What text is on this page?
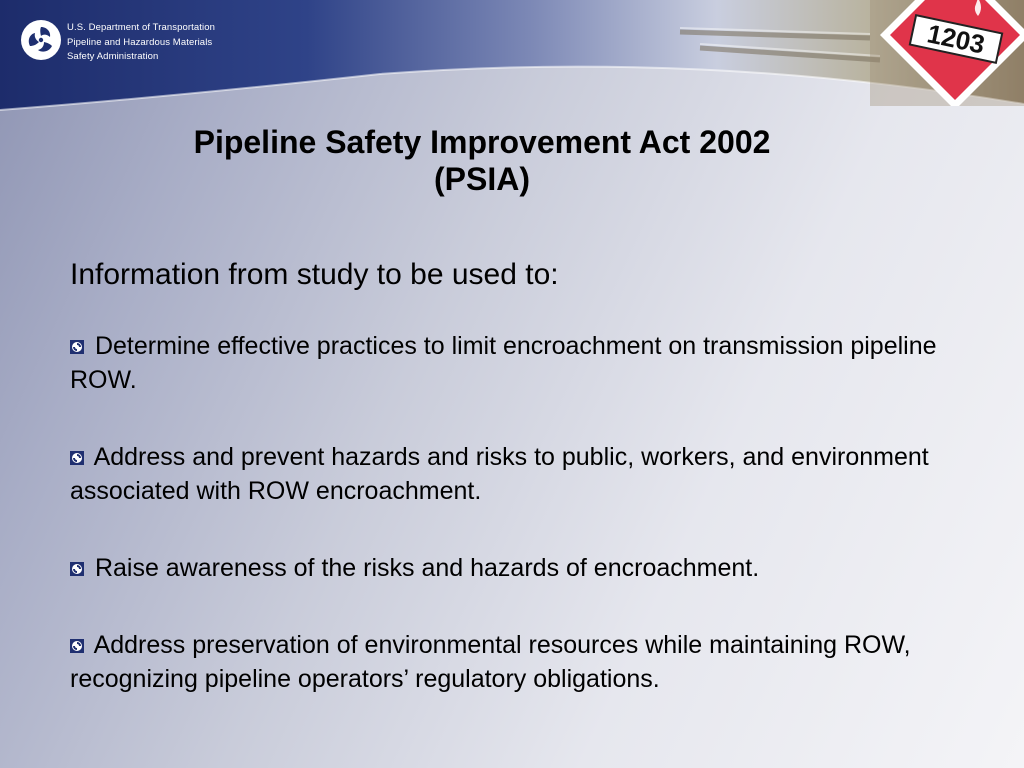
U.S. Department of Transportation
Pipeline and Hazardous Materials
Safety Administration	1203
Pipeline Safety Improvement Act 2002
(PSIA)
Information from study to be used to:
Determine effective practices to limit encroachment on transmission pipeline ROW.
Address and prevent hazards and risks to public, workers, and environment associated with ROW encroachment.
Raise awareness of the risks and hazards of encroachment.
Address preservation of environmental resources while maintaining ROW, recognizing pipeline operators’ regulatory obligations.
